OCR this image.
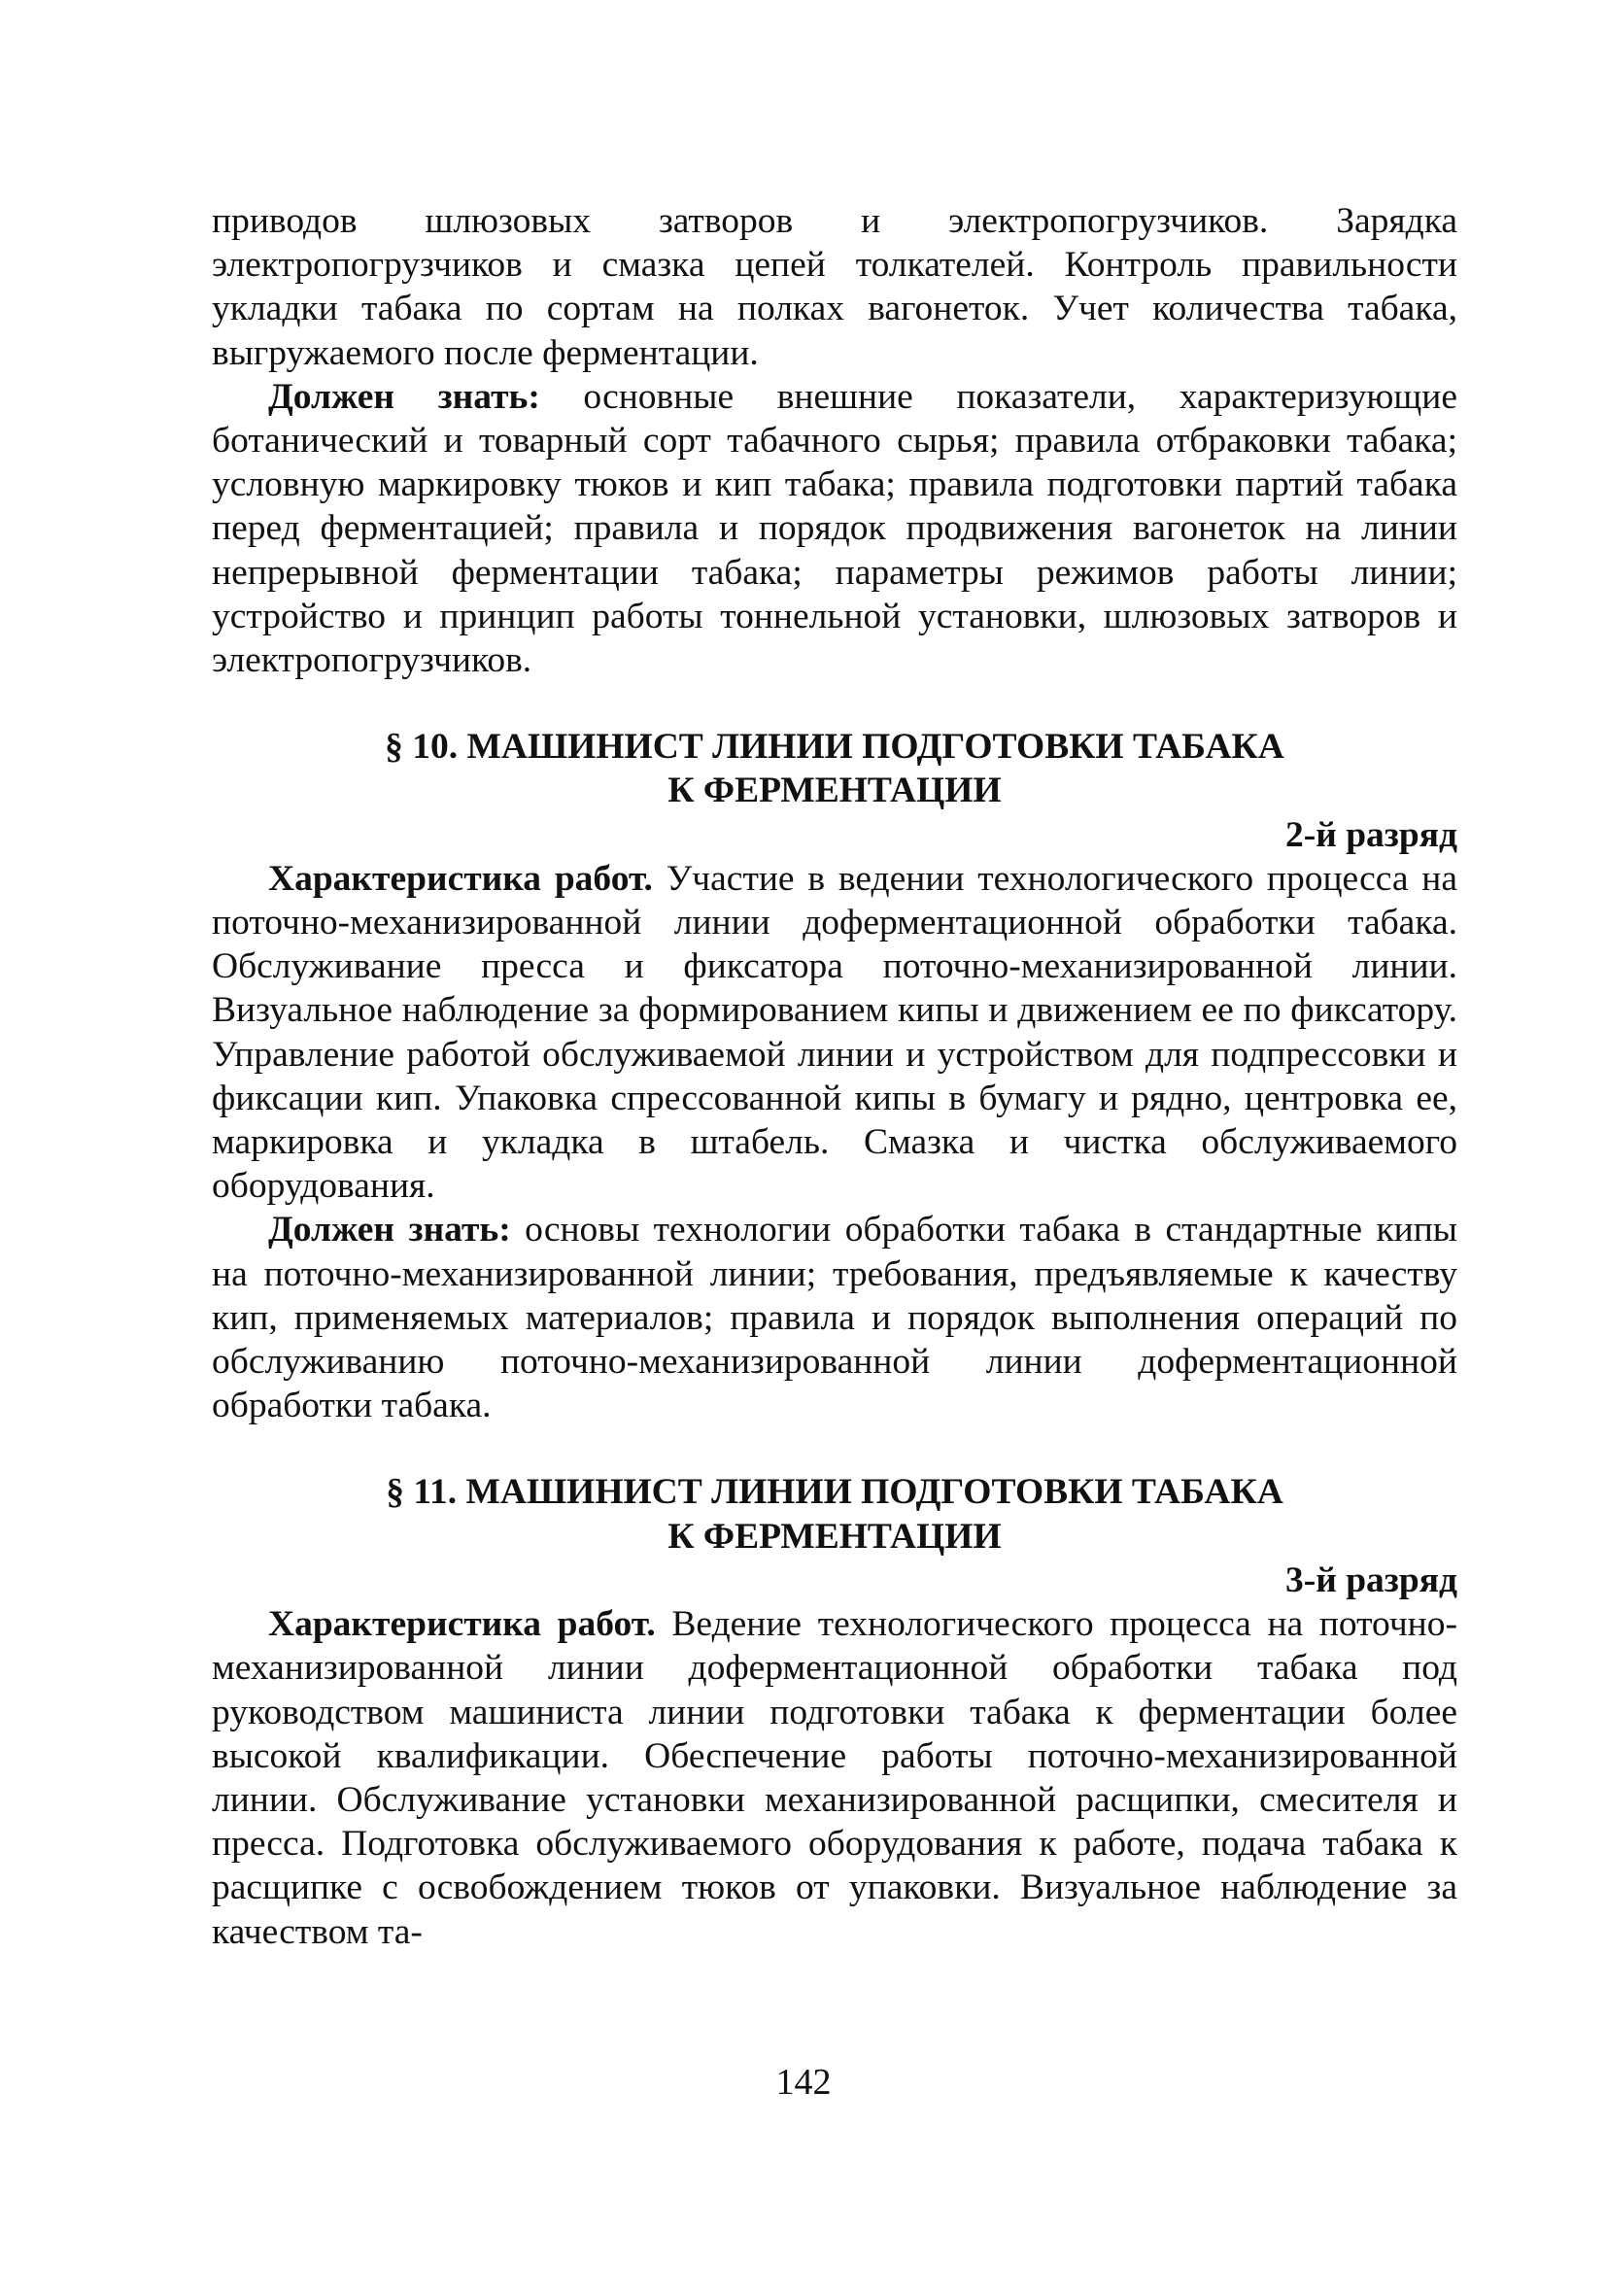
приводов шлюзовых затворов и электропогрузчиков. Зарядка электропогрузчиков и смазка цепей толкателей. Контроль правильности укладки табака по сортам на полках вагонеток. Учет количества табака, выгружаемого после ферментации.

Должен знать: основные внешние показатели, характеризующие ботанический и товарный сорт табачного сырья; правила отбраковки табака; условную маркировку тюков и кип табака; правила подготовки партий табака перед ферментацией; правила и порядок продвижения вагонеток на линии непрерывной ферментации табака; параметры режимов работы линии; устройство и принцип работы тоннельной установки, шлюзовых затворов и электропогрузчиков.

§ 10. МАШИНИСТ ЛИНИИ ПОДГОТОВКИ ТАБАКА
К ФЕРМЕНТАЦИИ
2-й разряд

Характеристика работ. Участие в ведении технологического процесса на поточно-механизированной линии доферментационной обработки табака. Обслуживание пресса и фиксатора поточно-механизированной линии. Визуальное наблюдение за формированием кипы и движением ее по фиксатору. Управление работой обслуживаемой линии и устройством для подпрессовки и фиксации кип. Упаковка спрессованной кипы в бумагу и рядно, центровка ее, маркировка и укладка в штабель. Смазка и чистка обслуживаемого оборудования.

Должен знать: основы технологии обработки табака в стандартные кипы на поточно-механизированной линии; требования, предъявляемые к качеству кип, применяемых материалов; правила и порядок выполнения операций по обслуживанию поточно-механизированной линии доферментационной обработки табака.

§ 11. МАШИНИСТ ЛИНИИ ПОДГОТОВКИ ТАБАКА
К ФЕРМЕНТАЦИИ
3-й разряд

Характеристика работ. Ведение технологического процесса на поточно-механизированной линии доферментационной обработки табака под руководством машиниста линии подготовки табака к ферментации более высокой квалификации. Обеспечение работы поточно-механизированной линии. Обслуживание установки механизированной расщипки, смесителя и пресса. Подготовка обслуживаемого оборудования к работе, подача табака к расщипке с освобождением тюков от упаковки. Визуальное наблюдение за качеством та-

142
